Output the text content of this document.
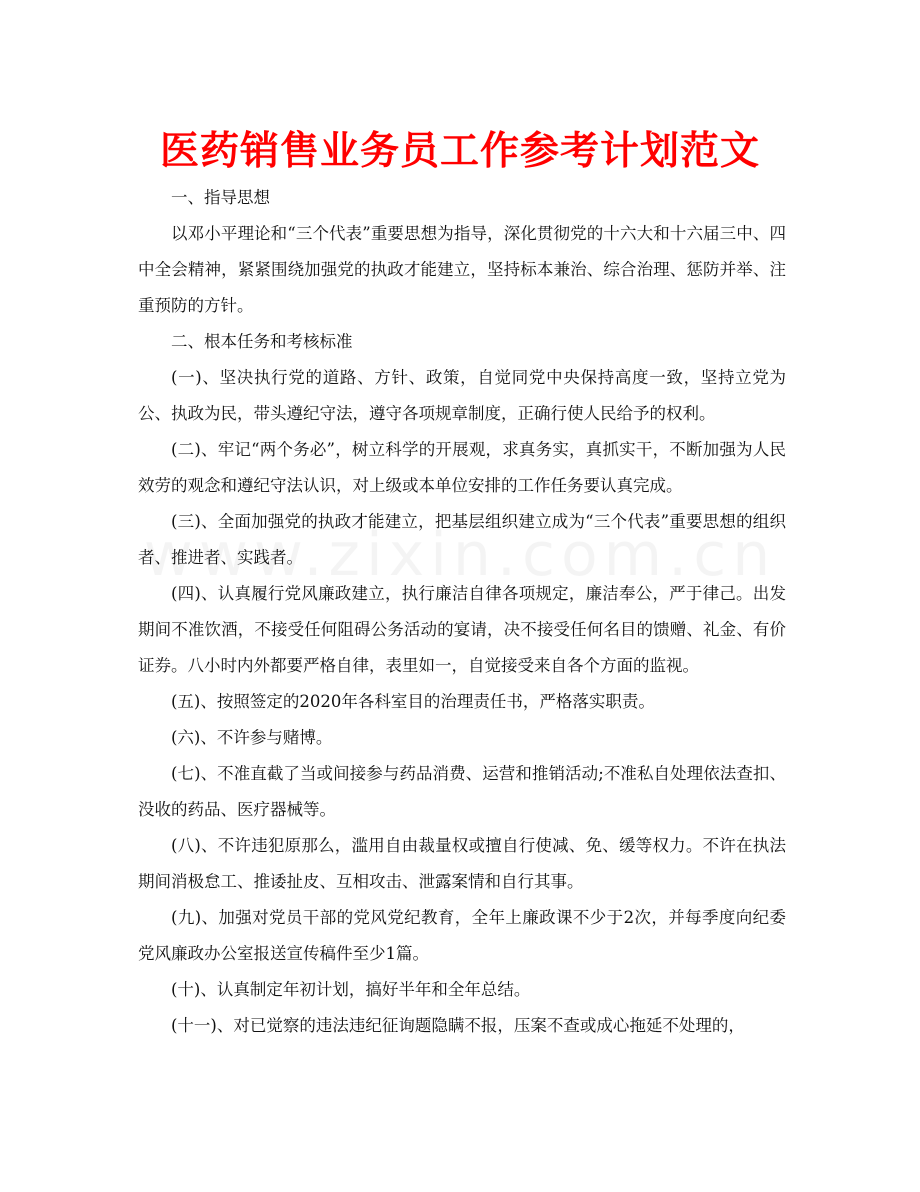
医药销售业务员工作参考计划范文

一、指导思想

以邓小平理论和“三个代表”重要思想为指导，深化贯彻党的十六大和十六届三中、四中全会精神，紧紧围绕加强党的执政才能建立，坚持标本兼治、综合治理、惩防并举、注重预防的方针。

二、根本任务和考核标准

(一)、坚决执行党的道路、方针、政策，自觉同党中央保持高度一致，坚持立党为公、执政为民，带头遵纪守法，遵守各项规章制度，正确行使人民给予的权利。

(二)、牢记“两个务必”，树立科学的开展观，求真务实，真抓实干，不断加强为人民效劳的观念和遵纪守法认识，对上级或本单位安排的工作任务要认真完成。

(三)、全面加强党的执政才能建立，把基层组织建立成为“三个代表”重要思想的组织者、推进者、实践者。

(四)、认真履行党风廉政建立，执行廉洁自律各项规定，廉洁奉公，严于律己。出发期间不准饮酒，不接受任何阻碍公务活动的宴请，决不接受任何名目的馈赠、礼金、有价证券。八小时内外都要严格自律，表里如一，自觉接受来自各个方面的监视。

(五)、按照签定的2020年各科室目的治理责任书，严格落实职责。

(六)、不许参与赌博。

(七)、不准直截了当或间接参与药品消费、运营和推销活动;不准私自处理依法查扣、没收的药品、医疗器械等。

(八)、不许违犯原那么，滥用自由裁量权或擅自行使减、免、缓等权力。不许在执法期间消极怠工、推诿扯皮、互相攻击、泄露案情和自行其事。

(九)、加强对党员干部的党风党纪教育，全年上廉政课不少于2次，并每季度向纪委党风廉政办公室报送宣传稿件至少1篇。

(十)、认真制定年初计划，搞好半年和全年总结。

(十一)、对已觉察的违法违纪征询题隐瞒不报，压案不查或成心拖延不处理的，
